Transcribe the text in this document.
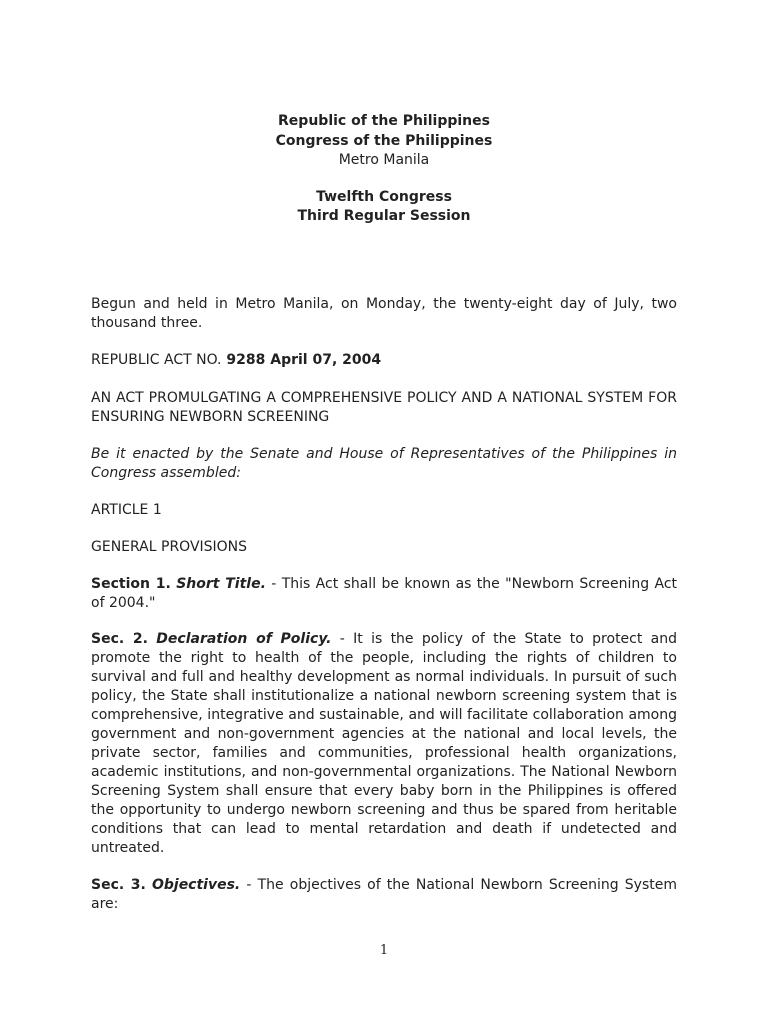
Republic of the Philippines
Congress of the Philippines
Metro Manila
Twelfth Congress
Third Regular Session

Begun and held in Metro Manila, on Monday, the twenty-eight day of July, two thousand three.

REPUBLIC ACT NO. 9288 April 07, 2004

AN ACT PROMULGATING A COMPREHENSIVE POLICY AND A NATIONAL SYSTEM FOR ENSURING NEWBORN SCREENING

Be it enacted by the Senate and House of Representatives of the Philippines in Congress assembled:

ARTICLE 1

GENERAL PROVISIONS

Section 1. Short Title. - This Act shall be known as the "Newborn Screening Act of 2004."

Sec. 2. Declaration of Policy. - It is the policy of the State to protect and promote the right to health of the people, including the rights of children to survival and full and healthy development as normal individuals. In pursuit of such policy, the State shall institutionalize a national newborn screening system that is comprehensive, integrative and sustainable, and will facilitate collaboration among government and non-government agencies at the national and local levels, the private sector, families and communities, professional health organizations, academic institutions, and non-governmental organizations. The National Newborn Screening System shall ensure that every baby born in the Philippines is offered the opportunity to undergo newborn screening and thus be spared from heritable conditions that can lead to mental retardation and death if undetected and untreated.

Sec. 3. Objectives. - The objectives of the National Newborn Screening System are:

1
